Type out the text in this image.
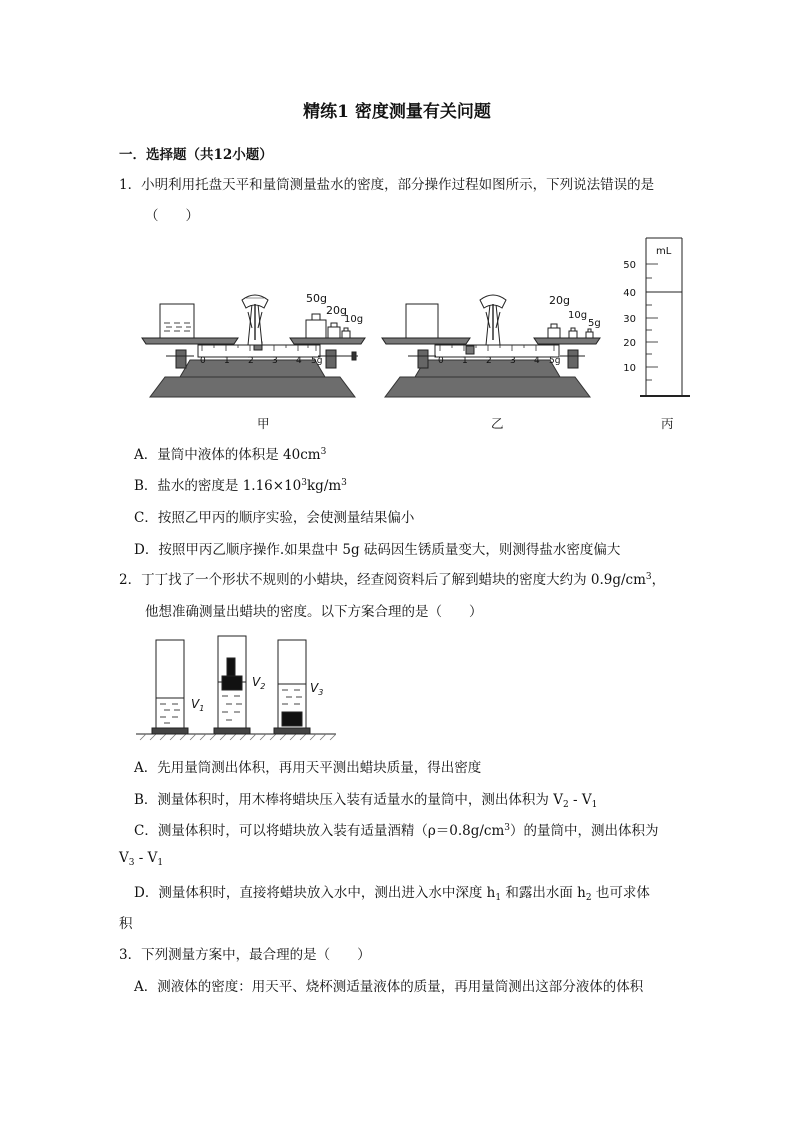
精练1 密度测量有关问题
一．选择题（共12小题）
1．小明利用托盘天平和量筒测量盐水的密度，部分操作过程如图所示，下列说法错误的是
（　　）
0 1 2 3 4 5g
50g
20g
10g
0 1 2 3 4 5g
20g
10g
5g
mL
50
40
30
20
10
甲	乙	丙
A．量筒中液体的体积是 $40cm^3$
B．盐水的密度是 $1.16\times 10^3kg/m^3$
C．按照乙甲丙的顺序实验，会使测量结果偏小
D．按照甲丙乙顺序操作.如果盘中 5g 砝码因生锈质量变大，则测得盐水密度偏大
2．丁丁找了一个形状不规则的小蜡块，经查阅资料后了解到蜡块的密度大约为 $0.9g/cm^3$，
他想准确测量出蜡块的密度。以下方案合理的是（　　）
$V_1$
$V_2$	$V_3$
A．先用量筒测出体积，再用天平测出蜡块质量，得出密度
B．测量体积时，用木棒将蜡块压入装有适量水的量筒中，测出体积为 $V_2 - V_1$
C．测量体积时，可以将蜡块放入装有适量酒精$(\rho=0.8g/cm^3)$的量筒中，测出体积为
$V_3 - V_1$
D．测量体积时，直接将蜡块放入水中，测出进入水中深度 $h_1$ 和露出水面 $h_2$ 也可求体
积
3．下列测量方案中，最合理的是（　　）
A．测液体的密度：用天平、烧杯测适量液体的质量，再用量筒测出这部分液体的体积
